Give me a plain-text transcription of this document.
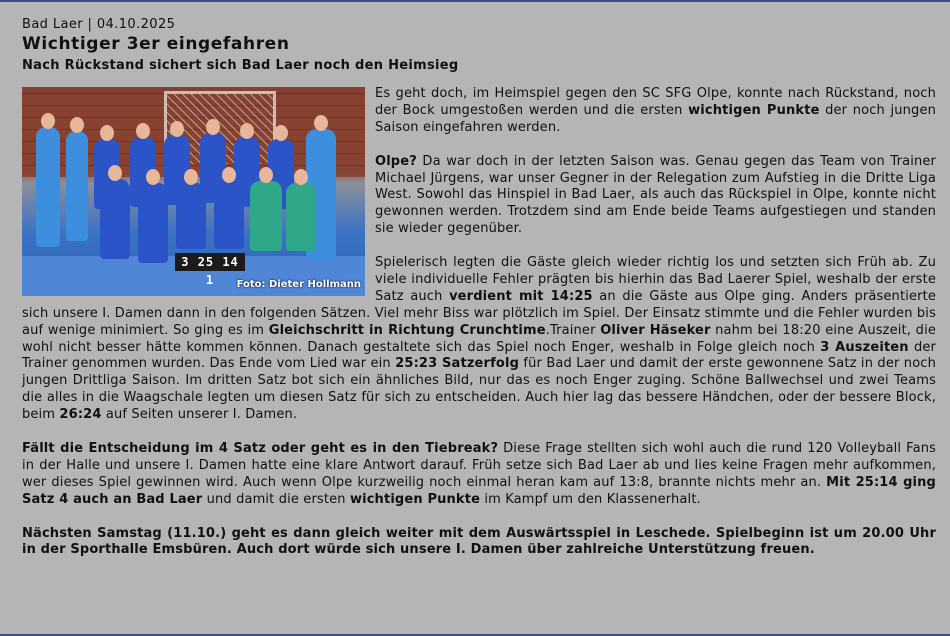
Bad Laer | 04.10.2025
Wichtiger 3er eingefahren
Nach Rückstand sichert sich Bad Laer noch den Heimsieg
3 25 14 1	Foto: Dieter Hollmann

Es geht doch, im Heimspiel gegen den SC SFG Olpe, konnte nach Rückstand, noch der Bock umgestoßen werden und die ersten wichtigen Punkte der noch jungen Saison eingefahren werden.

Olpe? Da war doch in der letzten Saison was. Genau gegen das Team von Trainer Michael Jürgens, war unser Gegner in der Relegation zum Aufstieg in die Dritte Liga West. Sowohl das Hinspiel in Bad Laer, als auch das Rückspiel in Olpe, konnte nicht gewonnen werden. Trotzdem sind am Ende beide Teams aufgestiegen und standen sie wieder gegenüber.

Spielerisch legten die Gäste gleich wieder richtig los und setzten sich Früh ab. Zu viele individuelle Fehler prägten bis hierhin das Bad Laerer Spiel, weshalb der erste Satz auch verdient mit 14:25 an die Gäste aus Olpe ging. Anders präsentierte sich unsere I. Damen dann in den folgenden Sätzen. Viel mehr Biss war plötzlich im Spiel. Der Einsatz stimmte und die Fehler wurden bis auf wenige minimiert. So ging es im Gleichschritt in Richtung Crunchtime.Trainer Oliver Häseker nahm bei 18:20 eine Auszeit, die wohl nicht besser hätte kommen können. Danach gestaltete sich das Spiel noch Enger, weshalb in Folge gleich noch 3 Auszeiten der Trainer genommen wurden. Das Ende vom Lied war ein 25:23 Satzerfolg für Bad Laer und damit der erste gewonnene Satz in der noch jungen Drittliga Saison. Im dritten Satz bot sich ein ähnliches Bild, nur das es noch Enger zuging. Schöne Ballwechsel und zwei Teams die alles in die Waagschale legten um diesen Satz für sich zu entscheiden. Auch hier lag das bessere Händchen, oder der bessere Block, beim 26:24 auf Seiten unserer I. Damen.

Fällt die Entscheidung im 4 Satz oder geht es in den Tiebreak? Diese Frage stellten sich wohl auch die rund 120 Volleyball Fans in der Halle und unsere I. Damen hatte eine klare Antwort darauf. Früh setze sich Bad Laer ab und lies keine Fragen mehr aufkommen, wer dieses Spiel gewinnen wird. Auch wenn Olpe kurzweilig noch einmal heran kam auf 13:8, brannte nichts mehr an. Mit 25:14 ging Satz 4 auch an Bad Laer und damit die ersten wichtigen Punkte im Kampf um den Klassenerhalt.

Nächsten Samstag (11.10.) geht es dann gleich weiter mit dem Auswärtsspiel in Leschede. Spielbeginn ist um 20.00 Uhr in der Sporthalle Emsbüren. Auch dort würde sich unsere I. Damen über zahlreiche Unterstützung freuen.
